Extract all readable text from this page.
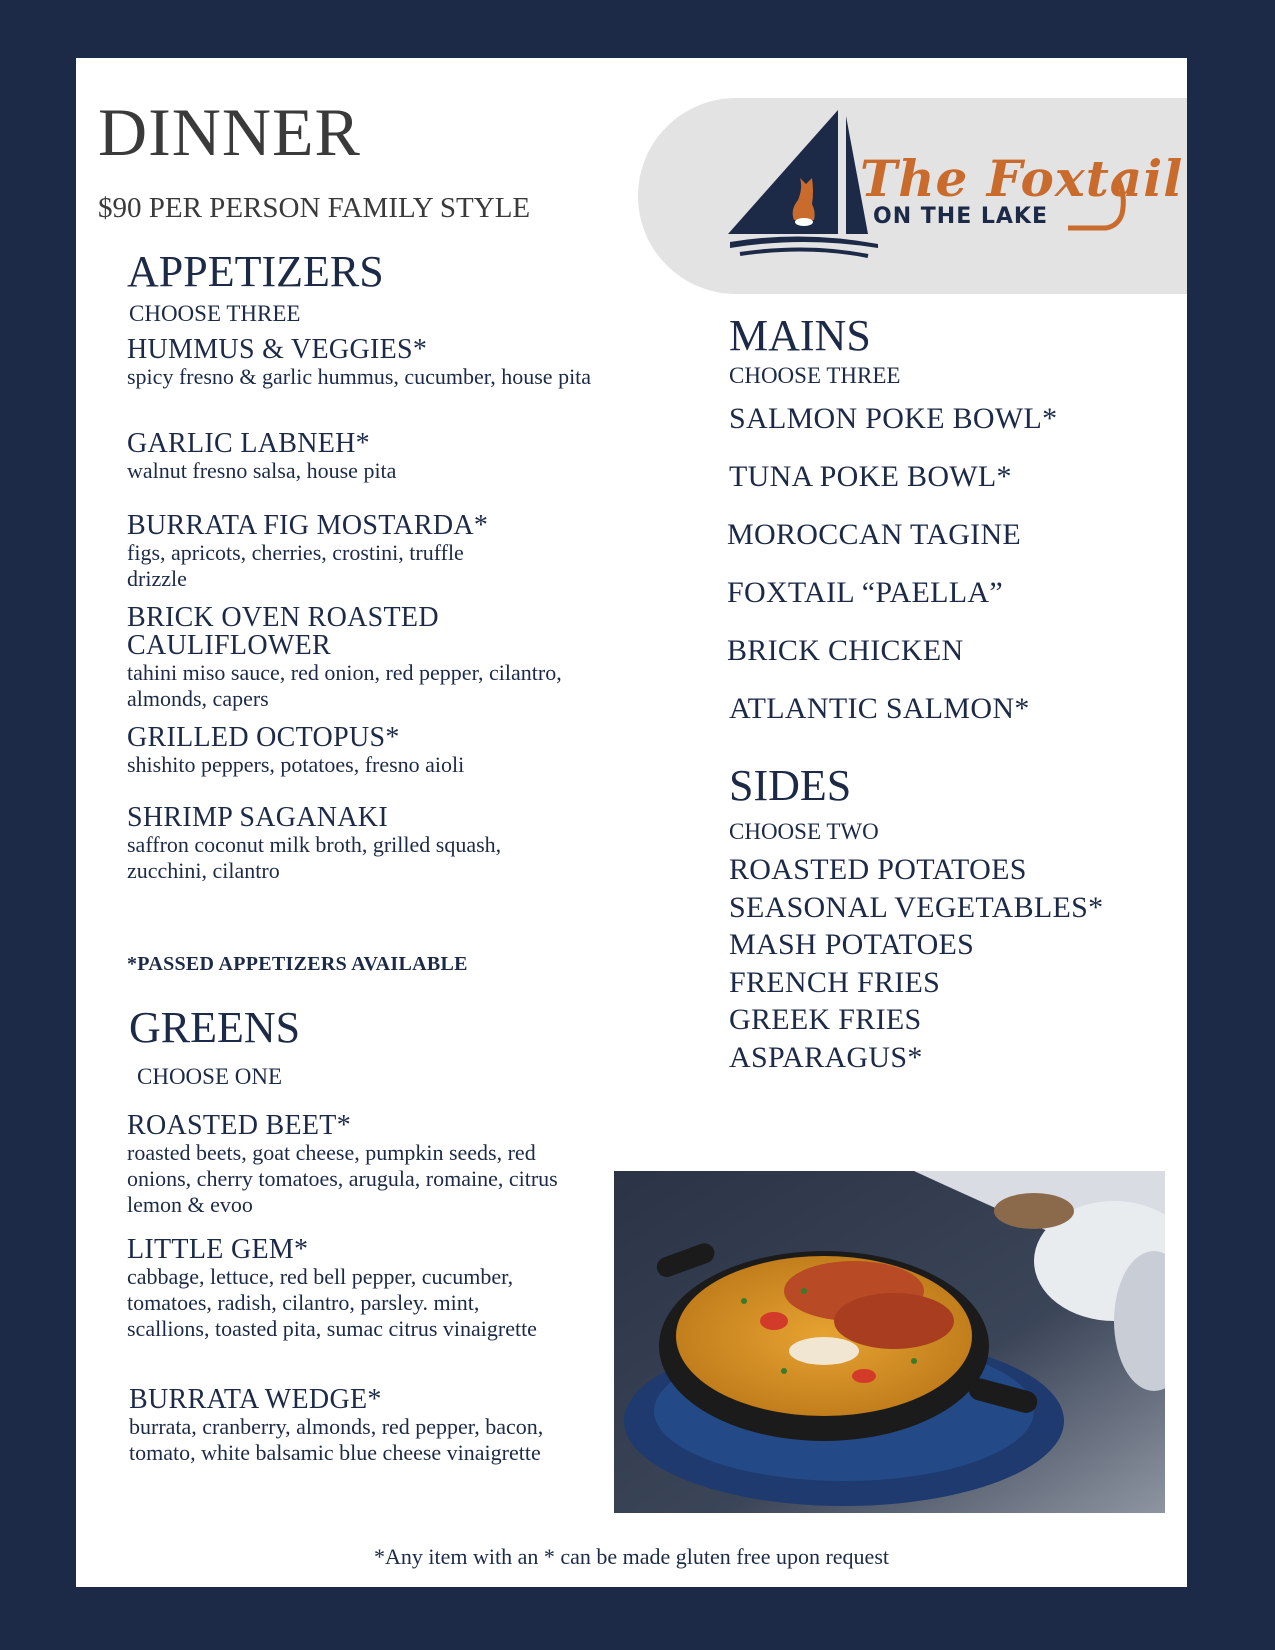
DINNER
$90 PER PERSON FAMILY STYLE	The Foxtail
ON THE LAKE
APPETIZERS
CHOOSE THREE
HUMMUS & VEGGIES*
spicy fresno & garlic hummus, cucumber, house pita
GARLIC LABNEH*
walnut fresno salsa, house pita
BURRATA FIG MOSTARDA*
figs, apricots, cherries, crostini, truffle drizzle
BRICK OVEN ROASTED CAULIFLOWER
tahini miso sauce, red onion, red pepper, cilantro, almonds, capers
GRILLED OCTOPUS*
shishito peppers, potatoes, fresno aioli
SHRIMP SAGANAKI
saffron coconut milk broth, grilled squash, zucchini, cilantro
*PASSED APPETIZERS AVAILABLE
GREENS
CHOOSE ONE
ROASTED BEET*
roasted beets, goat cheese, pumpkin seeds, red onions, cherry tomatoes, arugula, romaine, citrus lemon & evoo
LITTLE GEM*
cabbage, lettuce, red bell pepper, cucumber, tomatoes, radish, cilantro, parsley. mint, scallions, toasted pita, sumac citrus vinaigrette
BURRATA WEDGE*
burrata, cranberry, almonds, red pepper, bacon, tomato, white balsamic blue cheese vinaigrette
MAINS
CHOOSE THREE
SALMON POKE BOWL*
TUNA POKE BOWL*
MOROCCAN TAGINE
FOXTAIL “PAELLA”
BRICK CHICKEN
ATLANTIC SALMON*
SIDES
CHOOSE TWO
ROASTED POTATOES
SEASONAL VEGETABLES*
MASH POTATOES
FRENCH FRIES
GREEK FRIES
ASPARAGUS*
*Any item with an * can be made gluten free upon request
